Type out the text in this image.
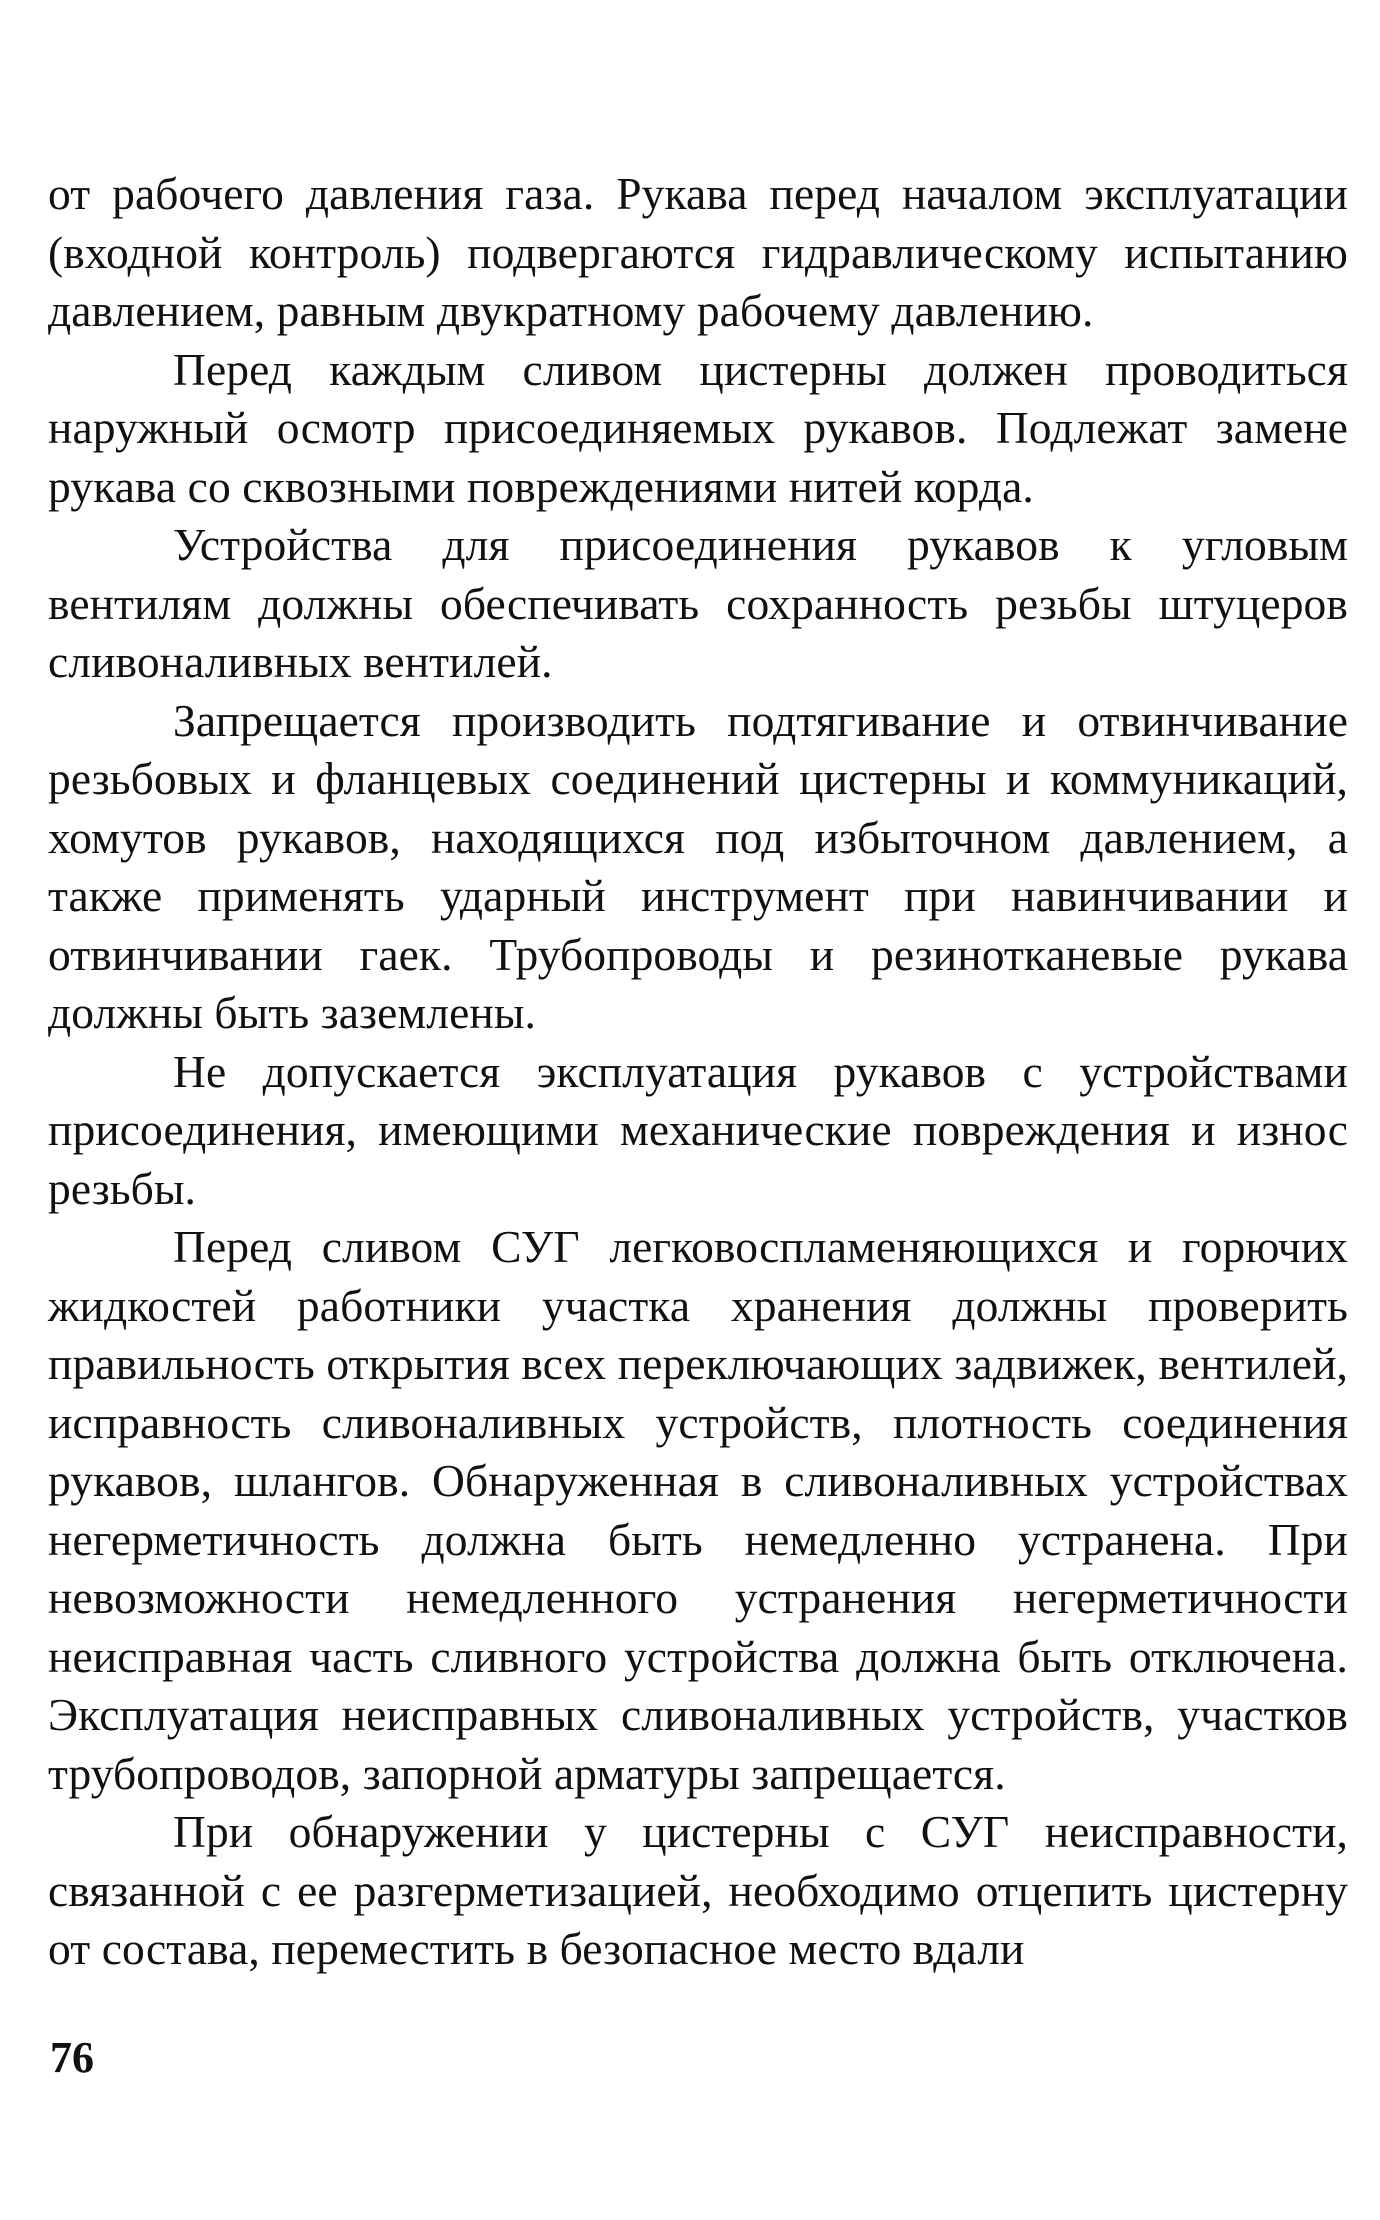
от рабочего давления газа. Рукава перед началом эксплуатации (входной контроль) подвергаются гидравлическому испытанию давлением, равным двукратному рабочему давлению.

Перед каждым сливом цистерны должен проводиться наружный осмотр присоединяемых рукавов. Подлежат замене рукава со сквозными повреждениями нитей корда.

Устройства для присоединения рукавов к угловым вентилям должны обеспечивать сохранность резьбы штуцеров сливоналивных вентилей.

Запрещается производить подтягивание и отвинчивание резьбовых и фланцевых соединений цистерны и коммуникаций, хомутов рукавов, находящихся под избыточном давлением, а также применять ударный инструмент при навинчивании и отвинчивании гаек. Трубопроводы и резинотканевые рукава должны быть заземлены.

Не допускается эксплуатация рукавов с устройствами присоединения, имеющими механические повреждения и износ резьбы.

Перед сливом СУГ легковоспламеняющихся и горючих жидкостей работники участка хранения должны проверить правильность открытия всех переключающих задвижек, вентилей, исправность сливоналивных устройств, плотность соединения рукавов, шлангов. Обнаруженная в сливоналивных устройствах негерметичность должна быть немедленно устранена. При невозможности немедленного устранения негерметичности неисправная часть сливного устройства должна быть отключена. Эксплуатация неисправных сливоналивных устройств, участков трубопроводов, запорной арматуры запрещается.

При обнаружении у цистерны с СУГ неисправности, связанной с ее разгерметизацией, необходимо отцепить цистерну от состава, переместить в безопасное место вдали

76
